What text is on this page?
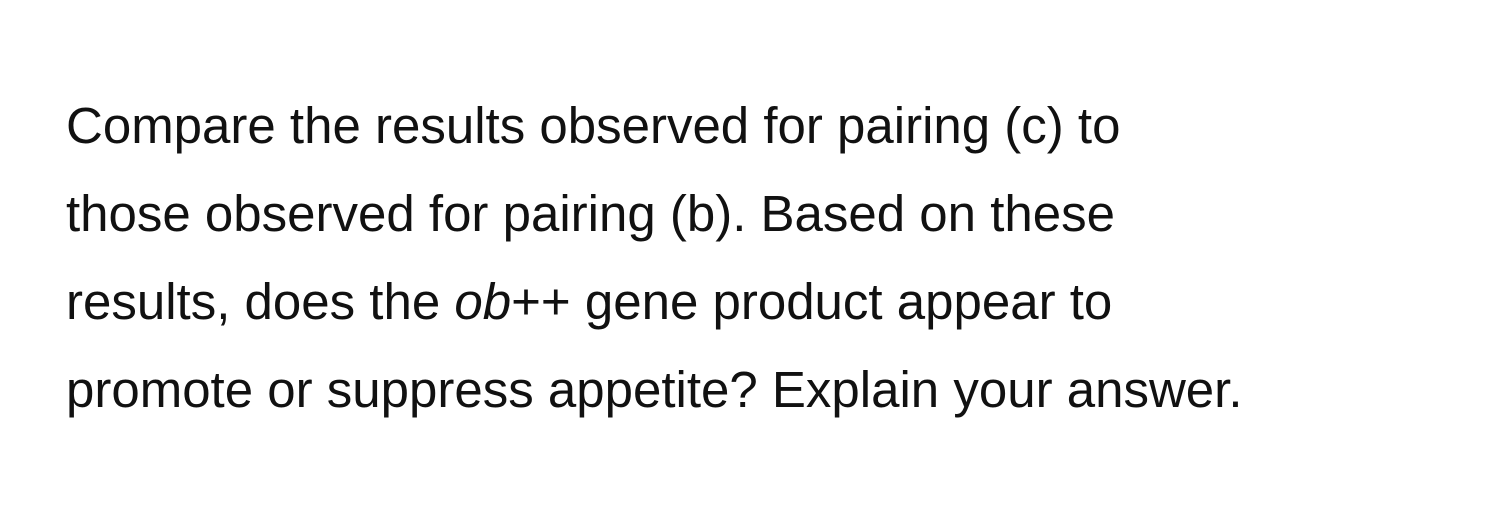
Compare the results observed for pairing (c) to
those observed for pairing (b). Based on these
results, does the ob++ gene product appear to
promote or suppress appetite? Explain your answer.
